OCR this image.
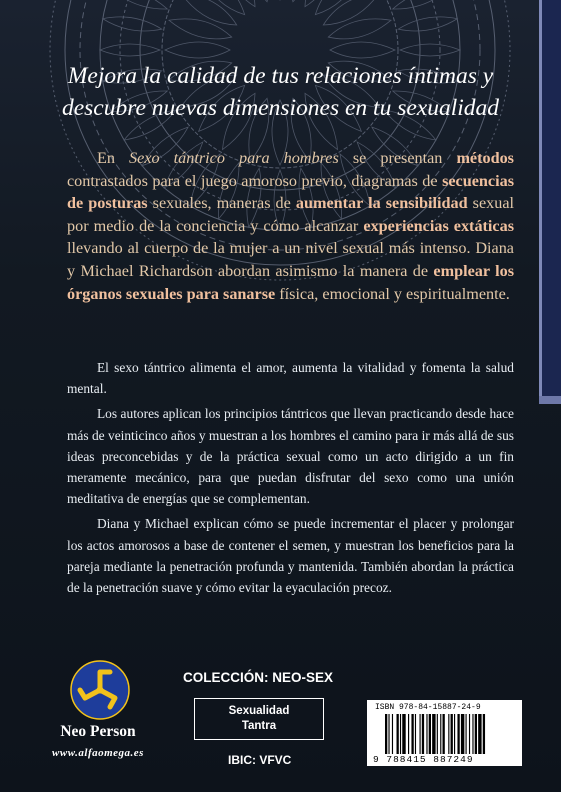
Mejora la calidad de tus relaciones íntimas y
descubre nuevas dimensiones en tu sexualidad
En Sexo tántrico para hombres se presentan métodos contrastados para el juego amoroso previo, diagramas de secuencias de posturas sexuales, maneras de aumentar la sensibilidad sexual por medio de la conciencia y cómo alcanzar experiencias extáticas llevando al cuerpo de la mujer a un nivel sexual más intenso. Diana y Michael Richardson abordan asimismo la manera de emplear los órganos sexuales para sanarse física, emocional y espiritualmente.

El sexo tántrico alimenta el amor, aumenta la vitalidad y fomenta la salud mental.

Los autores aplican los principios tántricos que llevan practicando desde hace más de veinticinco años y muestran a los hombres el camino para ir más allá de sus ideas preconcebidas y de la práctica sexual como un acto dirigido a un fin meramente mecánico, para que puedan disfrutar del sexo como una unión meditativa de energías que se complementan.

Diana y Michael explican cómo se puede incrementar el placer y prolongar los actos amorosos a base de contener el semen, y muestran los beneficios para la pareja mediante la penetración profunda y mantenida. También abordan la práctica de la penetración suave y cómo evitar la eyaculación precoz.

Neo Person
www.alfaomega.es
COLECCIÓN: NEO-SEX
Sexualidad
Tantra
IBIC: VFVC
ISBN 978-84-15887-24-9
9 788415 887249
